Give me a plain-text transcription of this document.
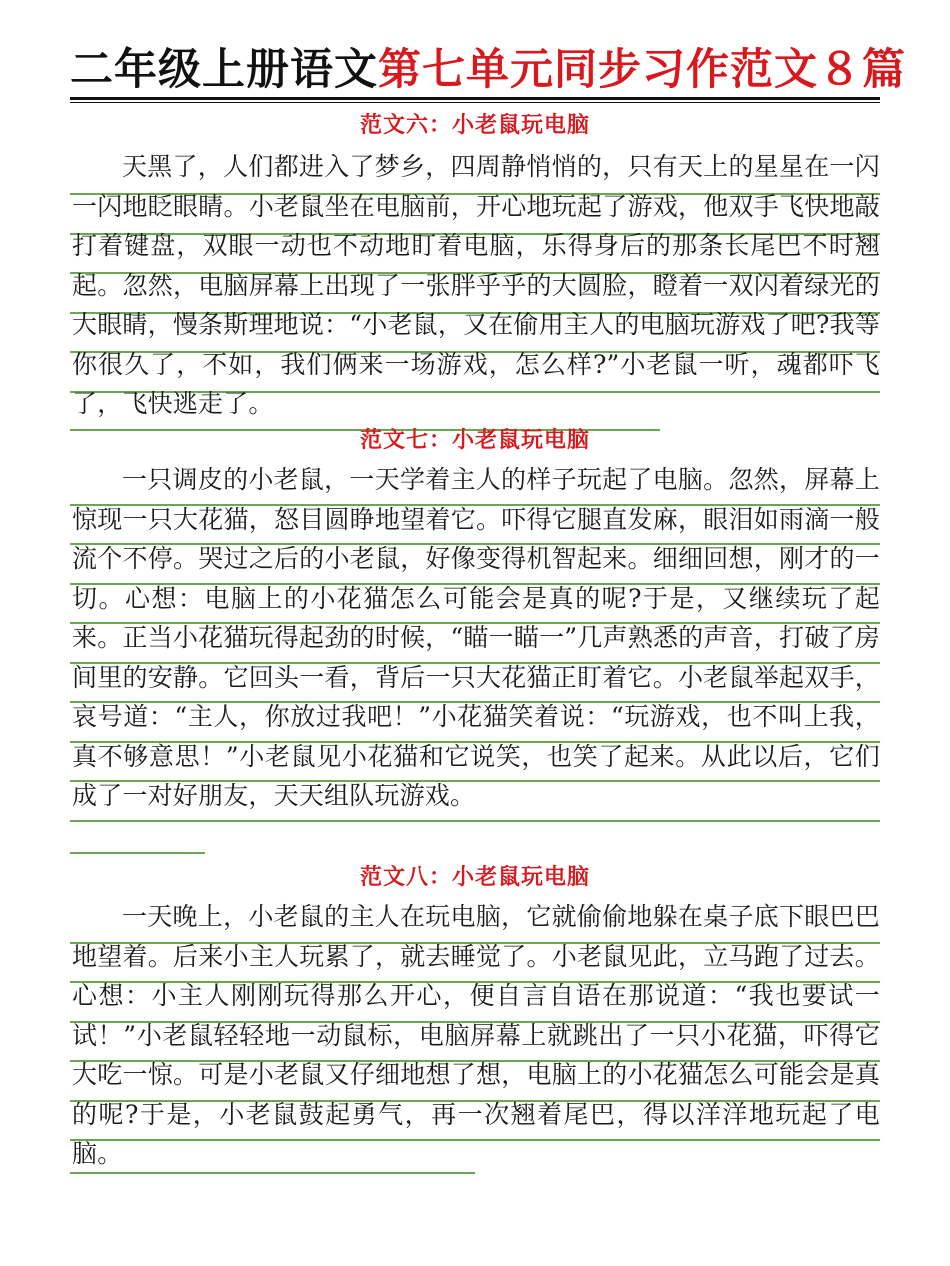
二年级上册语文第七单元同步习作范文８篇
范文六：小老鼠玩电脑

天黑了，人们都进入了梦乡，四周静悄悄的，只有天上的星星在一闪一闪地眨眼睛。小老鼠坐在电脑前，开心地玩起了游戏，他双手飞快地敲打着键盘，双眼一动也不动地盯着电脑，乐得身后的那条长尾巴不时翘起。忽然，电脑屏幕上出现了一张胖乎乎的大圆脸，瞪着一双闪着绿光的大眼睛，慢条斯理地说：“小老鼠，又在偷用主人的电脑玩游戏了吧?我等你很久了，不如，我们俩来一场游戏，怎么样?”小老鼠一听，魂都吓飞了，飞快逃走了。

范文七：小老鼠玩电脑

一只调皮的小老鼠，一天学着主人的样子玩起了电脑。忽然，屏幕上惊现一只大花猫，怒目圆睁地望着它。吓得它腿直发麻，眼泪如雨滴一般流个不停。哭过之后的小老鼠，好像变得机智起来。细细回想，刚才的一切。心想：电脑上的小花猫怎么可能会是真的呢?于是，又继续玩了起来。正当小花猫玩得起劲的时候，“瞄一瞄一”几声熟悉的声音，打破了房间里的安静。它回头一看，背后一只大花猫正盯着它。小老鼠举起双手，哀号道：“主人，你放过我吧！”小花猫笑着说：“玩游戏，也不叫上我，真不够意思！”小老鼠见小花猫和它说笑，也笑了起来。从此以后，它们成了一对好朋友，天天组队玩游戏。

范文八：小老鼠玩电脑

一天晚上，小老鼠的主人在玩电脑，它就偷偷地躲在桌子底下眼巴巴地望着。后来小主人玩累了，就去睡觉了。小老鼠见此，立马跑了过去。心想：小主人刚刚玩得那么开心，便自言自语在那说道：“我也要试一试！”小老鼠轻轻地一动鼠标，电脑屏幕上就跳出了一只小花猫，吓得它大吃一惊。可是小老鼠又仔细地想了想，电脑上的小花猫怎么可能会是真的呢?于是，小老鼠鼓起勇气，再一次翘着尾巴，得以洋洋地玩起了电脑。
